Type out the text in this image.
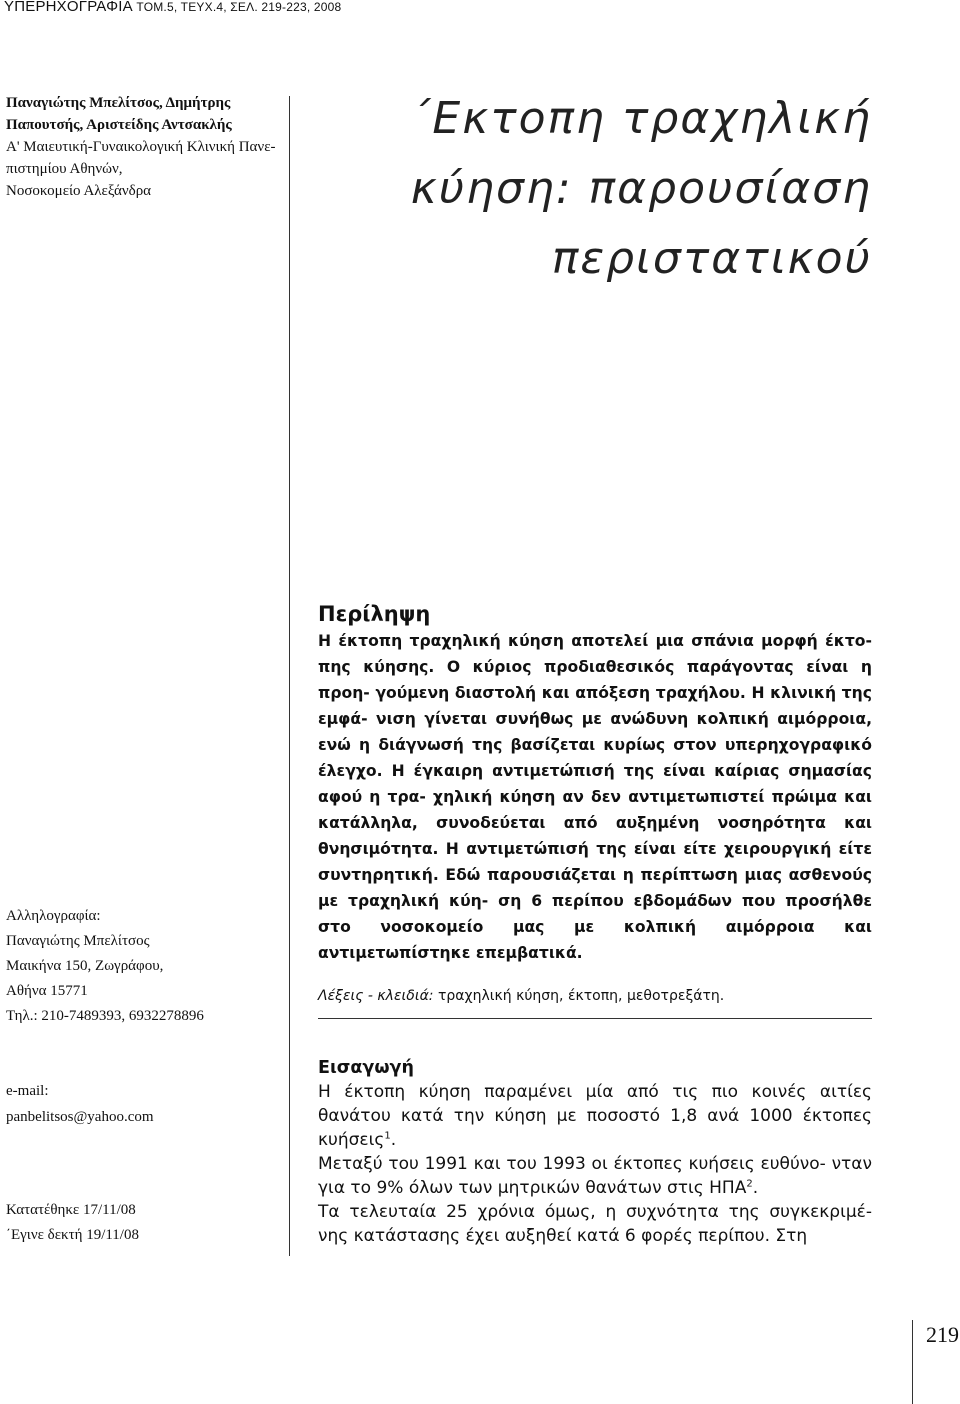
ΥΠΕΡΗΧΟΓΡΑΦΙΑ ΤΟΜ.5, ΤΕΥΧ.4, ΣΕΛ. 219-223, 2008
Παναγιώτης Μπελίτσος, Δημήτρης
Παπουτσής, Αριστείδης Αντσακλής
Α' Μαιευτική-Γυναικολογική Κλινική Πανε-
πιστημίου Αθηνών,
Νοσοκομείο Αλεξάνδρα
΄Εκτοπη τραχηλική
κύηση: παρουσίαση
περιστατικού
Αλληλογραφία:
Παναγιώτης Μπελίτσος
Μαικήνα 150, Ζωγράφου,
Αθήνα 15771
Τηλ.: 210-7489393, 6932278896
e-mail:
panbelitsos@yahoo.com
Κατατέθηκε 17/11/08
΄Εγινε δεκτή 19/11/08
Περίληψη

Η έκτοπη τραχηλική κύηση αποτελεί μια σπάνια μορφή έκτο- πης κύησης. Ο κύριος προδιαθεσικός παράγοντας είναι η προη- γούμενη διαστολή και απόξεση τραχήλου. Η κλινική της εμφά- νιση γίνεται συνήθως με ανώδυνη κολπική αιμόρροια, ενώ η διάγνωσή της βασίζεται κυρίως στον υπερηχογραφικό έλεγχο. Η έγκαιρη αντιμετώπισή της είναι καίριας σημασίας αφού η τρα- χηλική κύηση αν δεν αντιμετωπιστεί πρώιμα και κατάλληλα, συνοδεύεται από αυξημένη νοσηρότητα και θνησιμότητα. Η αντιμετώπισή της είναι είτε χειρουργική είτε συντηρητική. Εδώ παρουσιάζεται η περίπτωση μιας ασθενούς με τραχηλική κύη- ση 6 περίπου εβδομάδων που προσήλθε στο νοσοκομείο μας με κολπική αιμόρροια και αντιμετωπίστηκε επεμβατικά.

Λέξεις - κλειδιά: τραχηλική κύηση, έκτοπη, μεθοτρεξάτη.
Εισαγωγή

Η έκτοπη κύηση παραμένει μία από τις πιο κοινές αιτίες θανάτου κατά την κύηση με ποσοστό 1,8 ανά 1000 έκτοπες κυήσεις$^1$.
Μεταξύ του 1991 και του 1993 οι έκτοπες κυήσεις ευθύνο- νταν για το 9% όλων των μητρικών θανάτων στις ΗΠΑ$^2$.
Τα τελευταία 25 χρόνια όμως, η συχνότητα της συγκεκριμέ- νης κατάστασης έχει αυξηθεί κατά 6 φορές περίπου. Στη

219
